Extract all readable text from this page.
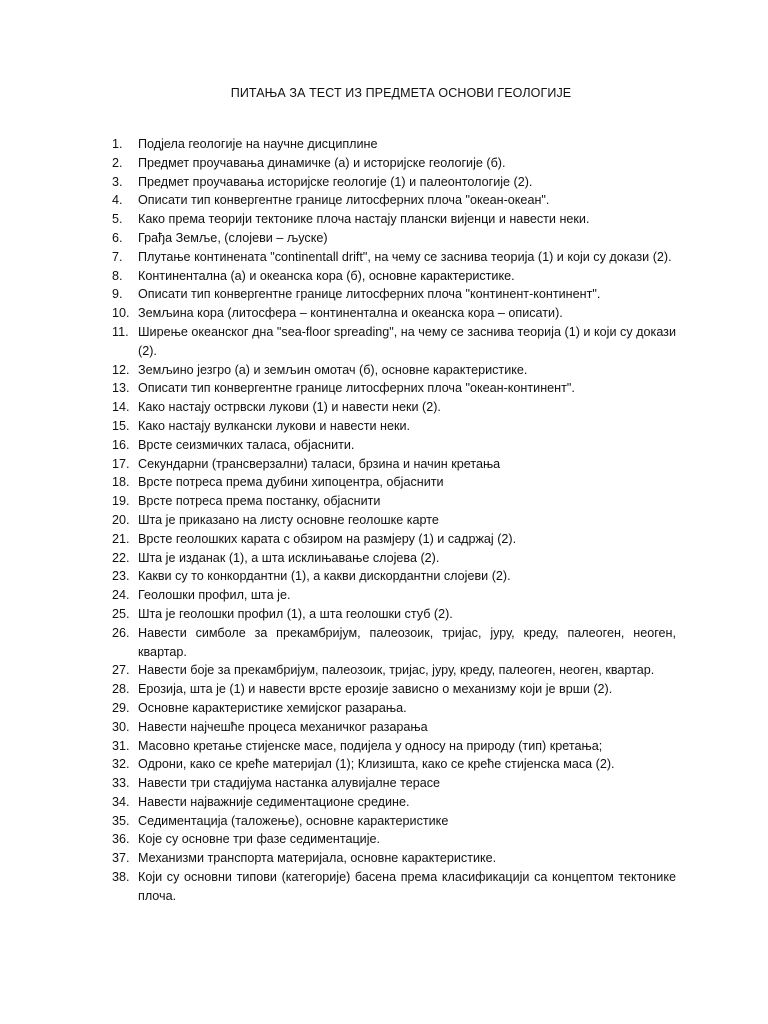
ПИТАЊА ЗА ТЕСТ ИЗ ПРЕДМЕТА ОСНОВИ ГЕОЛОГИЈЕ
1.	Подјела геологије на научне дисциплине
2.	Предмет проучавања динамичке (а) и историјске геологије (б).
3.	Предмет проучавања историјске геологије (1) и палеонтологије (2).
4.	Описати тип конвергентне границе литосферних плоча "океан-океан".
5.	Како према теорији тектонике плоча настају плански вијенци и навести неки.
6.	Грађа Земље, (слојеви – љуске)
7.	Плутање континената "continentall drift", на чему се заснива теорија (1) и који су докази (2).
8.	Континентална (а) и океанска кора (б), основне карактеристике.
9.	Описати тип конвергентне границе литосферних плоча "континент-континент".
10. Земљина кора (литосфера – континентална и океанска кора – описати).
11. Ширење океанског дна "sea-floor spreading", на чему се заснива теорија (1) и који су докази (2).
12. Земљино језгро (а) и земљин омотач (б), основне карактеристике.
13. Описати тип конвергентне границе литосферних плоча "океан-континент".
14. Како настају острвски лукови (1) и навести неки (2).
15. Како настају вулкански лукови и навести неки.
16. Врсте сеизмичких таласа, објаснити.
17. Секундарни (трансверзални) таласи, брзина и начин кретања
18. Врсте потреса према дубини хипоцентра, објаснити
19. Врсте потреса према постанку, објаснити
20. Шта је приказано на листу основне геолошке карте
21. Врсте геолошких карата с обзиром на размјеру (1) и садржај (2).
22. Шта је изданак (1), а шта исклињавање слојева (2).
23. Какви су то конкордантни (1), а какви дискордантни слојеви (2).
24. Геолошки профил, шта је.
25. Шта је геолошки профил (1), а шта геолошки стуб (2).
26. Навести симболе за прекамбријум, палеозоик, тријас, јуру, креду, палеоген, неоген, квартар.
27. Навести боје за прекамбријум, палеозоик, тријас, јуру, креду, палеоген, неоген, квартар.
28. Ерозија, шта је (1) и навести врсте ерозије зависно о механизму који је врши (2).
29. Основне карактеристике хемијског разарања.
30. Навести најчешће процеса механичког разарања
31. Масовно кретање стијенске масе, подијела у односу на природу (тип) кретања;
32. Одрони, како се креће материјал (1); Клизишта, како се креће стијенска маса (2).
33. Навести три стадијума настанка алувијалне терасе
34. Навести најважније седиментационе средине.
35. Седиментација (таложење), основне карактеристике
36. Које су основне три фазе седиментације.
37. Механизми транспорта материјала, основне карактеристике.
38. Који су основни типови (категорије) басена према класификацији са концептом тектонике плоча.
